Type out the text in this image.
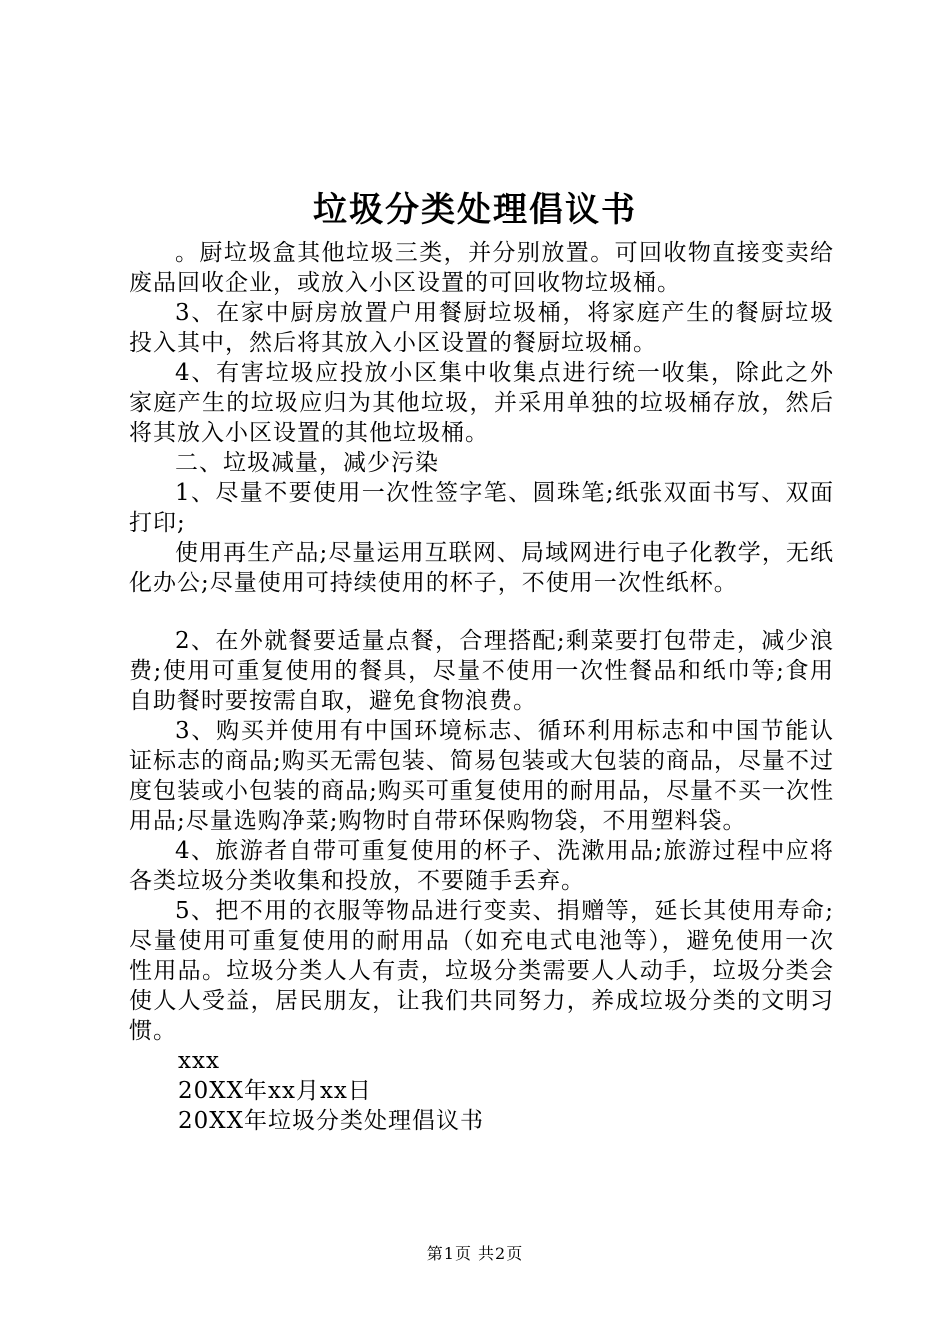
垃圾分类处理倡议书

。厨垃圾盒其他垃圾三类，并分别放置。可回收物直接变卖给废品回收企业，或放入小区设置的可回收物垃圾桶。

3、在家中厨房放置户用餐厨垃圾桶，将家庭产生的餐厨垃圾投入其中，然后将其放入小区设置的餐厨垃圾桶。

4、有害垃圾应投放小区集中收集点进行统一收集，除此之外家庭产生的垃圾应归为其他垃圾，并采用单独的垃圾桶存放，然后将其放入小区设置的其他垃圾桶。

二、垃圾减量，减少污染

1、尽量不要使用一次性签字笔、圆珠笔;纸张双面书写、双面打印;

使用再生产品;尽量运用互联网、局域网进行电子化教学，无纸化办公;尽量使用可持续使用的杯子，不使用一次性纸杯。

2、在外就餐要适量点餐，合理搭配;剩菜要打包带走，减少浪费;使用可重复使用的餐具，尽量不使用一次性餐品和纸巾等;食用自助餐时要按需自取，避免食物浪费。

3、购买并使用有中国环境标志、循环利用标志和中国节能认证标志的商品;购买无需包装、简易包装或大包装的商品，尽量不过度包装或小包装的商品;购买可重复使用的耐用品，尽量不买一次性用品;尽量选购净菜;购物时自带环保购物袋，不用塑料袋。

4、旅游者自带可重复使用的杯子、洗漱用品;旅游过程中应将各类垃圾分类收集和投放，不要随手丢弃。

5、把不用的衣服等物品进行变卖、捐赠等，延长其使用寿命;尽量使用可重复使用的耐用品（如充电式电池等），避免使用一次性用品。垃圾分类人人有责，垃圾分类需要人人动手，垃圾分类会使人人受益，居民朋友，让我们共同努力，养成垃圾分类的文明习惯。

xxx

20XX年xx月xx日

20XX年垃圾分类处理倡议书

第1页 共2页
